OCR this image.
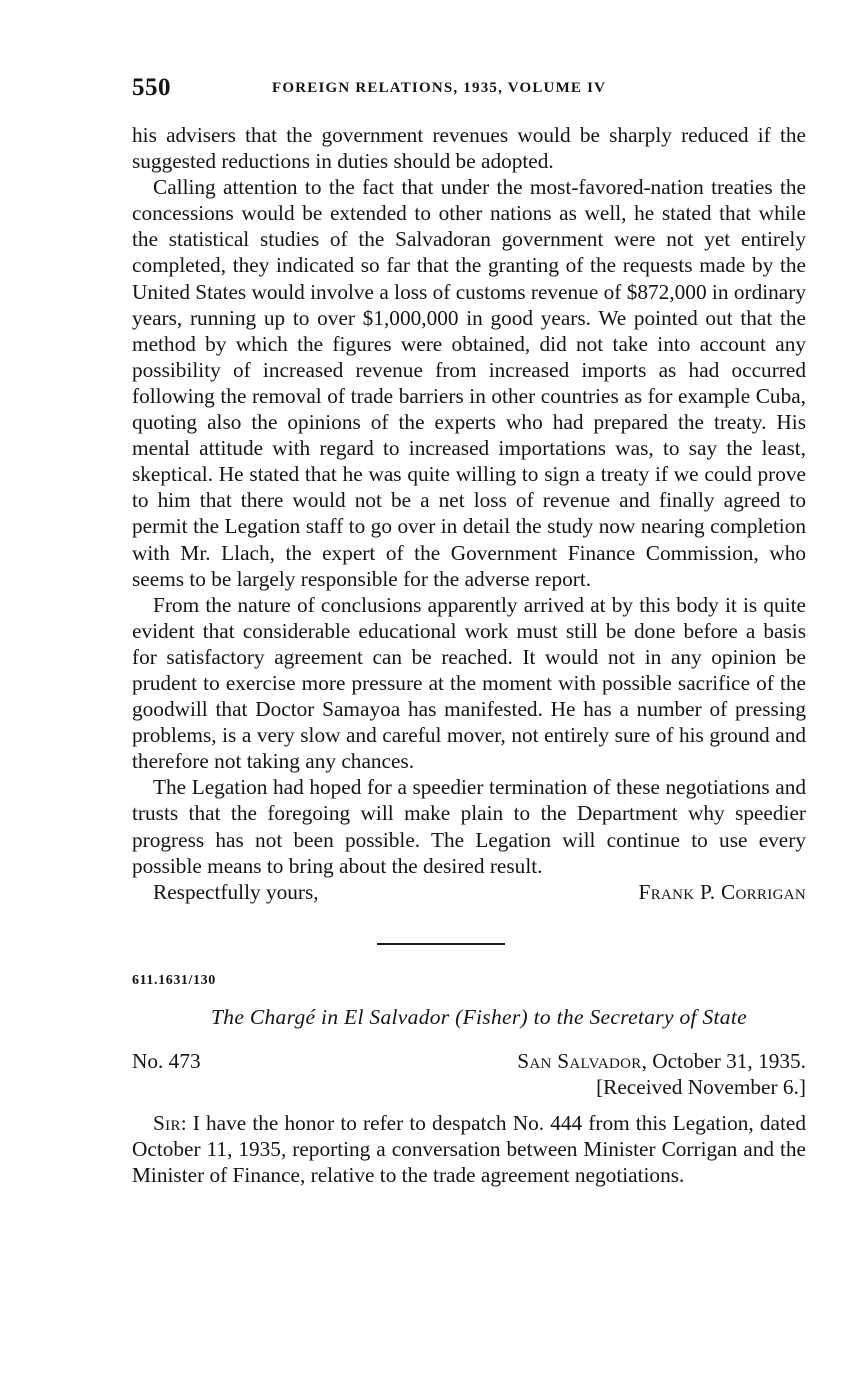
550	FOREIGN RELATIONS, 1935, VOLUME IV

his advisers that the government revenues would be sharply reduced if the suggested reductions in duties should be adopted.

Calling attention to the fact that under the most-favored-nation treaties the concessions would be extended to other nations as well, he stated that while the statistical studies of the Salvadoran government were not yet entirely completed, they indicated so far that the granting of the requests made by the United States would involve a loss of customs revenue of $872,000 in ordinary years, running up to over $1,000,000 in good years. We pointed out that the method by which the figures were obtained, did not take into account any possibility of increased revenue from increased imports as had occurred following the removal of trade barriers in other countries as for example Cuba, quoting also the opinions of the experts who had prepared the treaty. His mental attitude with regard to increased importations was, to say the least, skeptical. He stated that he was quite willing to sign a treaty if we could prove to him that there would not be a net loss of revenue and finally agreed to permit the Legation staff to go over in detail the study now nearing completion with Mr. Llach, the expert of the Government Finance Commission, who seems to be largely responsible for the adverse report.

From the nature of conclusions apparently arrived at by this body it is quite evident that considerable educational work must still be done before a basis for satisfactory agreement can be reached. It would not in any opinion be prudent to exercise more pressure at the moment with possible sacrifice of the goodwill that Doctor Samayoa has manifested. He has a number of pressing problems, is a very slow and careful mover, not entirely sure of his ground and therefore not taking any chances.

The Legation had hoped for a speedier termination of these negotiations and trusts that the foregoing will make plain to the Department why speedier progress has not been possible. The Legation will continue to use every possible means to bring about the desired result.

Respectfully yours,	Frank P. Corrigan
611.1631/130
The Chargé in El Salvador (Fisher) to the Secretary of State
No. 473	San Salvador, October 31, 1935.
[Received November 6.]

Sir: I have the honor to refer to despatch No. 444 from this Legation, dated October 11, 1935, reporting a conversation between Minister Corrigan and the Minister of Finance, relative to the trade agreement negotiations.
